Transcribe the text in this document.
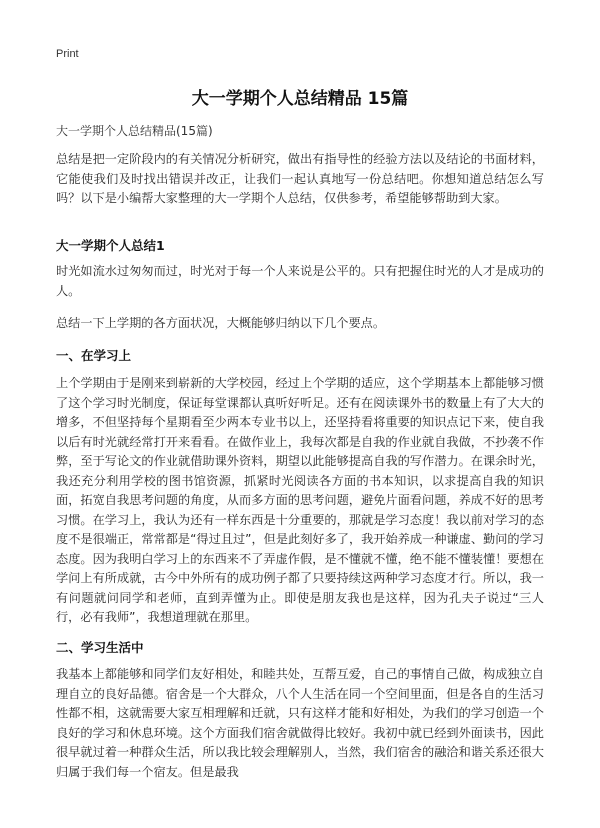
Print
大一学期个人总结精品 15篇
大一学期个人总结精品(15篇)

总结是把一定阶段内的有关情况分析研究，做出有指导性的经验方法以及结论的书面材料，它能使我们及时找出错误并改正，让我们一起认真地写一份总结吧。你想知道总结怎么写吗？以下是小编帮大家整理的大一学期个人总结，仅供参考，希望能够帮助到大家。

大一学期个人总结1

时光如流水过匆匆而过，时光对于每一个人来说是公平的。只有把握住时光的人才是成功的人。

总结一下上学期的各方面状况，大概能够归纳以下几个要点。

一、在学习上

上个学期由于是刚来到崭新的大学校园，经过上个学期的适应，这个学期基本上都能够习惯了这个学习时光制度，保证每堂课都认真听好听足。还有在阅读课外书的数量上有了大大的增多，不但坚持每个星期看至少两本专业书以上，还坚持看将重要的知识点记下来，使自我以后有时光就经常打开来看看。在做作业上，我每次都是自我的作业就自我做，不抄袭不作弊，至于写论文的作业就借助课外资料，期望以此能够提高自我的写作潜力。在课余时光，我还充分利用学校的图书馆资源，抓紧时光阅读各方面的书本知识，以求提高自我的知识面，拓宽自我思考问题的角度，从而多方面的思考问题，避免片面看问题，养成不好的思考习惯。在学习上，我认为还有一样东西是十分重要的，那就是学习态度！我以前对学习的态度不是很端正，常常都是“得过且过”，但是此刻好多了，我开始养成一种谦虚、勤问的学习态度。因为我明白学习上的东西来不了弄虚作假，是不懂就不懂，绝不能不懂装懂！要想在学问上有所成就，古今中外所有的成功例子都了只要持续这两种学习态度才行。所以，我一有问题就问同学和老师，直到弄懂为止。即使是朋友我也是这样，因为孔夫子说过“三人行，必有我师”，我想道理就在那里。

二、学习生活中

我基本上都能够和同学们友好相处，和睦共处，互帮互爱，自己的事情自己做，构成独立自理自立的良好品德。宿舍是一个大群众，八个人生活在同一个空间里面，但是各自的生活习性都不相，这就需要大家互相理解和迁就，只有这样才能和好相处，为我们的学习创造一个良好的学习和休息环境。这个方面我们宿舍就做得比较好。我初中就已经到外面读书，因此很早就过着一种群众生活，所以我比较会理解别人，当然，我们宿舍的融洽和谐关系还很大归属于我们每一个宿友。但是最我
